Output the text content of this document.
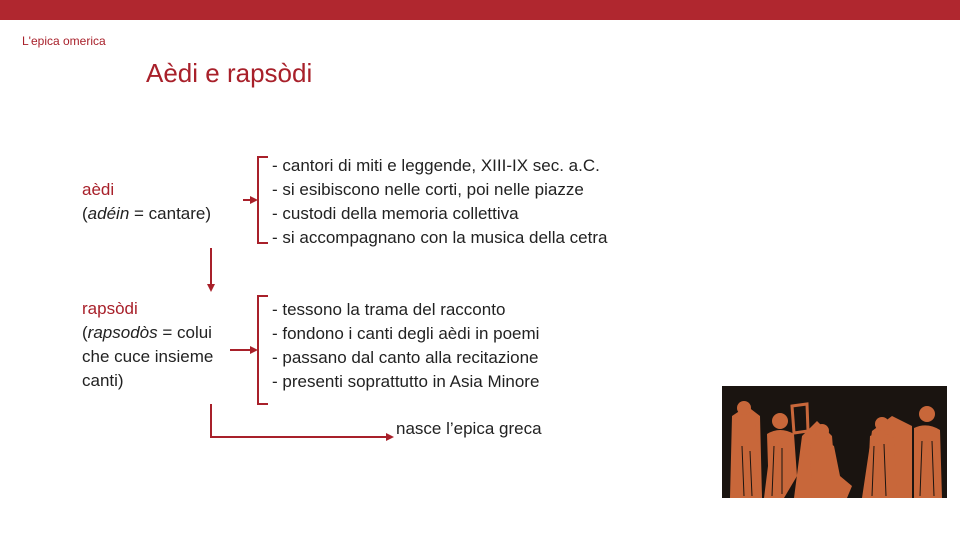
L'epica omerica
Aèdi e rapsòdi
aèdi
(adéin = cantare)
- cantori di miti e leggende, XIII-IX sec. a.C.
- si esibiscono nelle corti, poi nelle piazze
- custodi della memoria collettiva
- si accompagnano con la musica della cetra
rapsòdi
(rapsodòs = colui che cuce insieme canti)
- tessono la trama del racconto
- fondono i canti degli aèdi in poemi
- passano dal canto alla recitazione
- presenti soprattutto in Asia Minore
nasce l’epica greca
